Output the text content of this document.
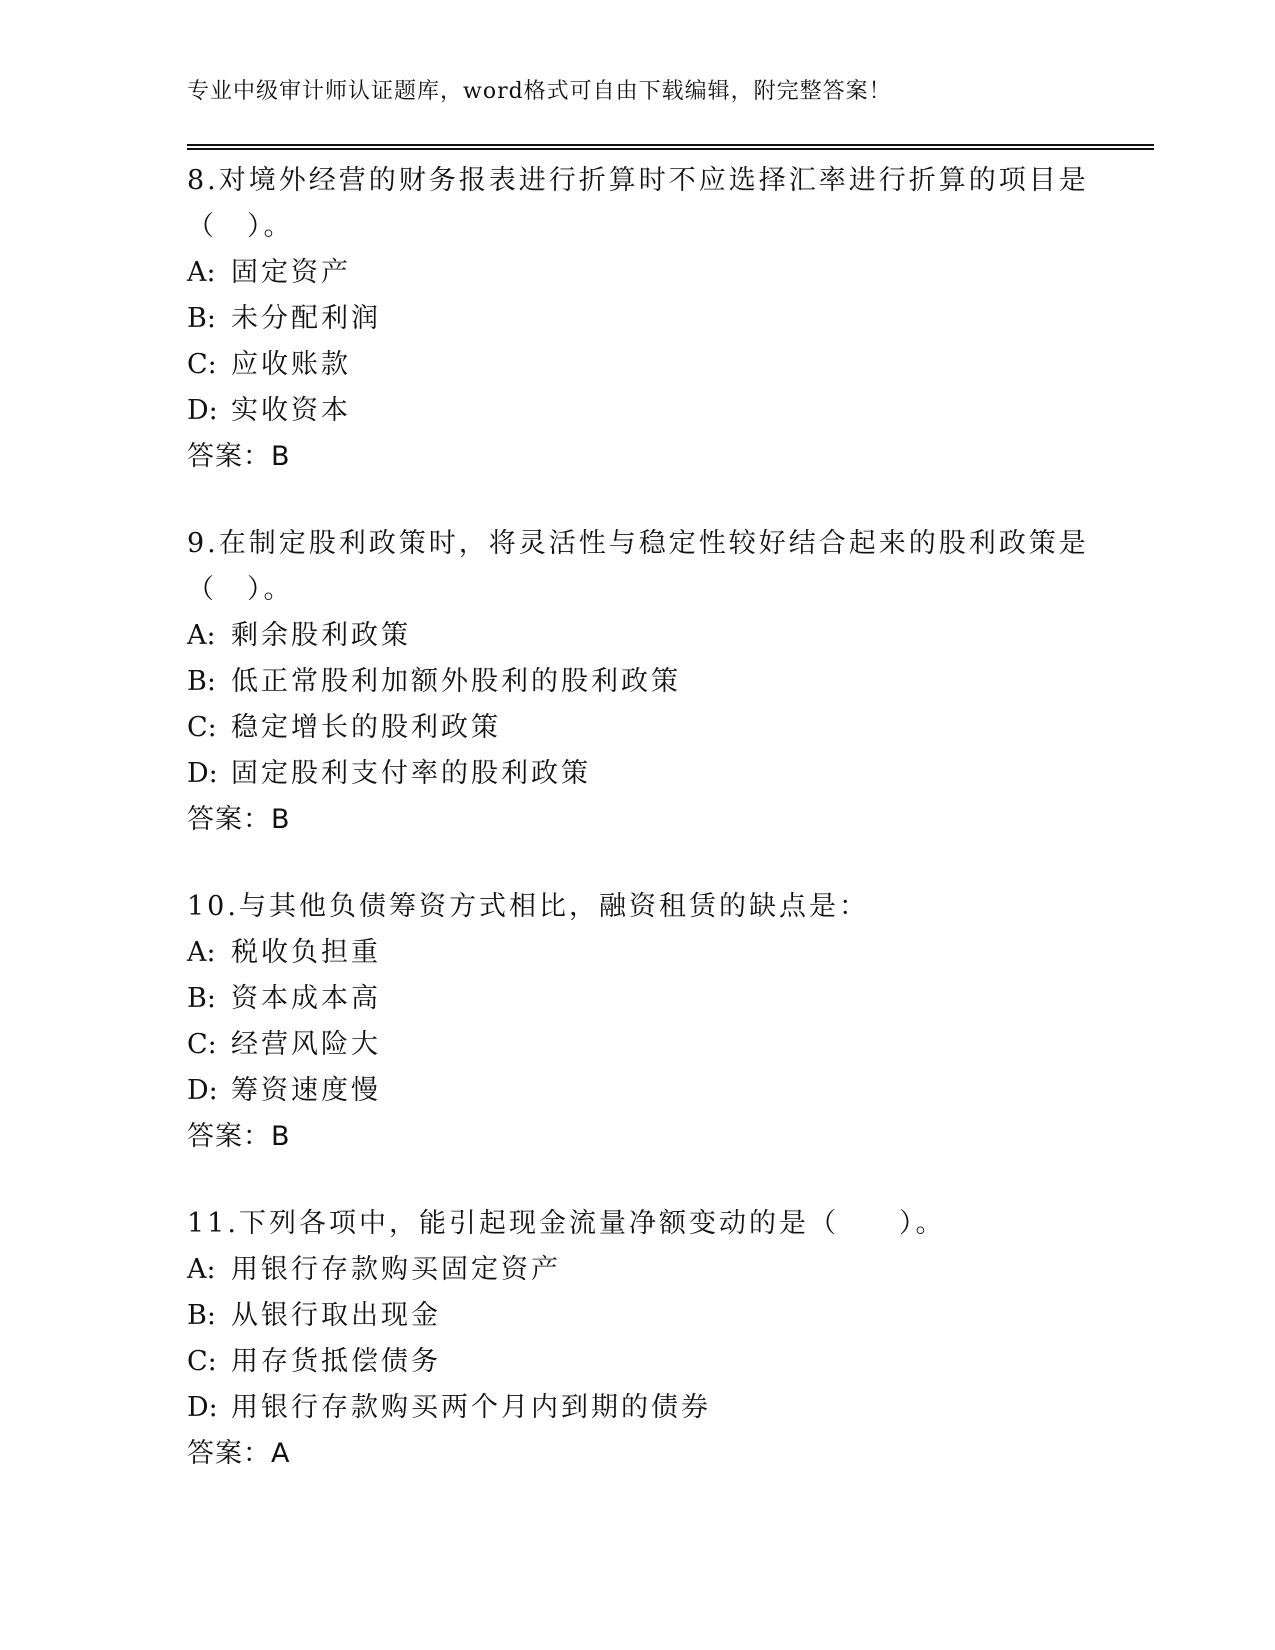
专业中级审计师认证题库，word格式可自由下载编辑，附完整答案！
8.对境外经营的财务报表进行折算时不应选择汇率进行折算的项目是
（　）。
A: 固定资产
B: 未分配利润
C: 应收账款
D: 实收资本
答案：B
9.在制定股利政策时，将灵活性与稳定性较好结合起来的股利政策是
（　）。
A: 剩余股利政策
B: 低正常股利加额外股利的股利政策
C: 稳定增长的股利政策
D: 固定股利支付率的股利政策
答案：B
10.与其他负债筹资方式相比，融资租赁的缺点是：
A: 税收负担重
B: 资本成本高
C: 经营风险大
D: 筹资速度慢
答案：B
11.下列各项中，能引起现金流量净额变动的是（　　）。
A: 用银行存款购买固定资产
B: 从银行取出现金
C: 用存货抵偿债务
D: 用银行存款购买两个月内到期的债券
答案：A
